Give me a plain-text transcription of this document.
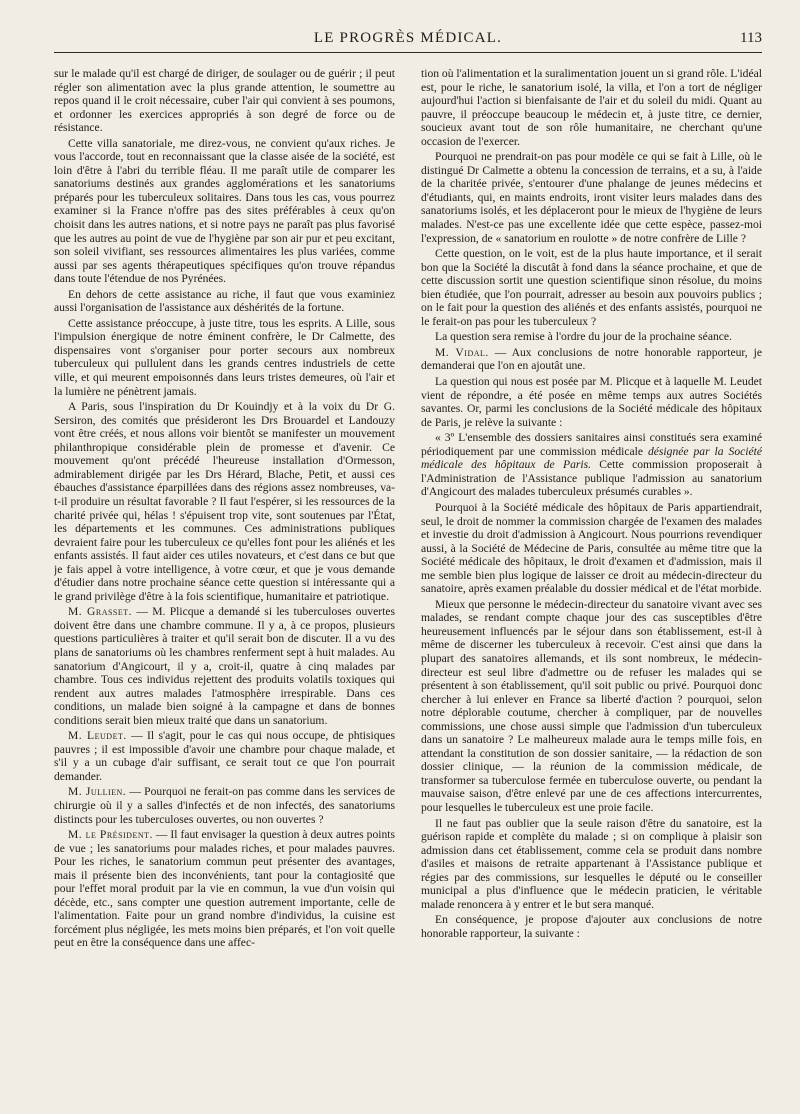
LE PROGRÈS MÉDICAL.	113

sur le malade qu'il est chargé de diriger, de soulager ou de guérir ; il peut régler son alimentation avec la plus grande attention, le soumettre au repos quand il le croit nécessaire, cuber l'air qui convient à ses poumons, et ordonner les exercices appropriés à son degré de force ou de résistance.

Cette villa sanatoriale, me direz-vous, ne convient qu'aux riches. Je vous l'accorde, tout en reconnaissant que la classe aisée de la société, est loin d'être à l'abri du terrible fléau. Il me paraît utile de comparer les sanatoriums destinés aux grandes agglomérations et les sanatoriums préparés pour les tuberculeux solitaires. Dans tous les cas, vous pourrez examiner si la France n'offre pas des sites préférables à ceux qu'on choisit dans les autres nations, et si notre pays ne paraît pas plus favorisé que les autres au point de vue de l'hygiène par son air pur et peu excitant, son soleil vivifiant, ses ressources alimentaires les plus variées, comme aussi par ses agents thérapeutiques spécifiques qu'on trouve répandus dans toute l'étendue de nos Pyrénées.

En dehors de cette assistance au riche, il faut que vous examiniez aussi l'organisation de l'assistance aux déshérités de la fortune.

Cette assistance préoccupe, à juste titre, tous les esprits. A Lille, sous l'impulsion énergique de notre éminent confrère, le Dr Calmette, des dispensaires vont s'organiser pour porter secours aux nombreux tuberculeux qui pullulent dans les grands centres industriels de cette ville, et qui meurent empoisonnés dans leurs tristes demeures, où l'air et la lumière ne pénètrent jamais.

A Paris, sous l'inspiration du Dr Kouindjy et à la voix du Dr G. Sersiron, des comités que présideront les Drs Brouardel et Landouzy vont être créés, et nous allons voir bientôt se manifester un mouvement philanthropique considérable plein de promesse et d'avenir. Ce mouvement qu'ont précédé l'heureuse installation d'Ormesson, admirablement dirigée par les Drs Hérard, Blache, Petit, et aussi ces ébauches d'assistance éparpillées dans des régions assez nombreuses, va-t-il produire un résultat favorable ? Il faut l'espérer, si les ressources de la charité privée qui, hélas ! s'épuisent trop vite, sont soutenues par l'État, les départements et les communes. Ces administrations publiques devraient faire pour les tuberculeux ce qu'elles font pour les aliénés et les enfants assistés. Il faut aider ces utiles novateurs, et c'est dans ce but que je fais appel à votre intelligence, à votre cœur, et que je vous demande d'étudier dans notre prochaine séance cette question si intéressante qui a le grand privilège d'être à la fois scientifique, humanitaire et patriotique.

M. Grasset. — M. Plicque a demandé si les tuberculoses ouvertes doivent être dans une chambre commune. Il y a, à ce propos, plusieurs questions particulières à traiter et qu'il serait bon de discuter. Il a vu des plans de sanatoriums où les chambres renferment sept à huit malades. Au sanatorium d'Angicourt, il y a, croit-il, quatre à cinq malades par chambre. Tous ces individus rejettent des produits volatils toxiques qui rendent aux autres malades l'atmosphère irrespirable. Dans ces conditions, un malade bien soigné à la campagne et dans de bonnes conditions serait bien mieux traité que dans un sanatorium.

M. Leudet. — Il s'agit, pour le cas qui nous occupe, de phtisiques pauvres ; il est impossible d'avoir une chambre pour chaque malade, et s'il y a un cubage d'air suffisant, ce serait tout ce que l'on pourrait demander.

M. Jullien. — Pourquoi ne ferait-on pas comme dans les services de chirurgie où il y a salles d'infectés et de non infectés, des sanatoriums distincts pour les tuberculoses ouvertes, ou non ouvertes ?

M. le Président. — Il faut envisager la question à deux autres points de vue ; les sanatoriums pour malades riches, et pour malades pauvres. Pour les riches, le sanatorium commun peut présenter des avantages, mais il présente bien des inconvénients, tant pour la contagiosité que pour l'effet moral produit par la vie en commun, la vue d'un voisin qui décède, etc., sans compter une question autrement importante, celle de l'alimentation. Faite pour un grand nombre d'individus, la cuisine est forcément plus négligée, les mets moins bien préparés, et l'on voit quelle peut en être la conséquence dans une affec-

tion où l'alimentation et la suralimentation jouent un si grand rôle. L'idéal est, pour le riche, le sanatorium isolé, la villa, et l'on a tort de négliger aujourd'hui l'action si bienfaisante de l'air et du soleil du midi. Quant au pauvre, il préoccupe beaucoup le médecin et, à juste titre, ce dernier, soucieux avant tout de son rôle humanitaire, ne cherchant qu'une occasion de l'exercer.

Pourquoi ne prendrait-on pas pour modèle ce qui se fait à Lille, où le distingué Dr Calmette a obtenu la concession de terrains, et a su, à l'aide de la charitée privée, s'entourer d'une phalange de jeunes médecins et d'étudiants, qui, en maints endroits, iront visiter leurs malades dans des sanatoriums isolés, et les déplaceront pour le mieux de l'hygiène de leurs malades. N'est-ce pas une excellente idée que cette espèce, passez-moi l'expression, de « sanatorium en roulotte » de notre confrère de Lille ?

Cette question, on le voit, est de la plus haute importance, et il serait bon que la Société la discutât à fond dans la séance prochaine, et que de cette discussion sortit une question scientifique sinon résolue, du moins bien étudiée, que l'on pourrait, adresser au besoin aux pouvoirs publics ; on le fait pour la question des aliénés et des enfants assistés, pourquoi ne le ferait-on pas pour les tuberculeux ?

La question sera remise à l'ordre du jour de la prochaine séance.

M. Vidal. — Aux conclusions de notre honorable rapporteur, je demanderai que l'on en ajoutât une.

La question qui nous est posée par M. Plicque et à laquelle M. Leudet vient de répondre, a été posée en même temps aux autres Sociétés savantes. Or, parmi les conclusions de la Société médicale des hôpitaux de Paris, je relève la suivante :

« 3º L'ensemble des dossiers sanitaires ainsi constitués sera examiné périodiquement par une commission médicale désignée par la Société médicale des hôpitaux de Paris. Cette commission proposerait à l'Administration de l'Assistance publique l'admission au sanatorium d'Angicourt des malades tuberculeux présumés curables ».

Pourquoi à la Société médicale des hôpitaux de Paris appartiendrait, seul, le droit de nommer la commission chargée de l'examen des malades et investie du droit d'admission à Angicourt. Nous pourrions revendiquer aussi, à la Société de Médecine de Paris, consultée au même titre que la Société médicale des hôpitaux, le droit d'examen et d'admission, mais il me semble bien plus logique de laisser ce droit au médecin-directeur du sanatoire, après examen préalable du dossier médical et de l'état morbide.

Mieux que personne le médecin-directeur du sanatoire vivant avec ses malades, se rendant compte chaque jour des cas susceptibles d'être heureusement influencés par le séjour dans son établissement, est-il à même de discerner les tuberculeux à recevoir. C'est ainsi que dans la plupart des sanatoires allemands, et ils sont nombreux, le médecin-directeur est seul libre d'admettre ou de refuser les malades qui se présentent à son établissement, qu'il soit public ou privé. Pourquoi donc chercher à lui enlever en France sa liberté d'action ? pourquoi, selon notre déplorable coutume, chercher à compliquer, par de nouvelles commissions, une chose aussi simple que l'admission d'un tuberculeux dans un sanatoire ? Le malheureux malade aura le temps mille fois, en attendant la constitution de son dossier sanitaire, — la rédaction de son dossier clinique, — la réunion de la commission médicale, de transformer sa tuberculose fermée en tuberculose ouverte, ou pendant la mauvaise saison, d'être enlevé par une de ces affections intercurrentes, pour lesquelles le tuberculeux est une proie facile.

Il ne faut pas oublier que la seule raison d'être du sanatoire, est la guérison rapide et complète du malade ; si on complique à plaisir son admission dans cet établissement, comme cela se produit dans nombre d'asiles et maisons de retraite appartenant à l'Assistance publique et régies par des commissions, sur lesquelles le député ou le conseiller municipal a plus d'influence que le médecin praticien, le véritable malade renoncera à y entrer et le but sera manqué.

En conséquence, je propose d'ajouter aux conclusions de notre honorable rapporteur, la suivante :
